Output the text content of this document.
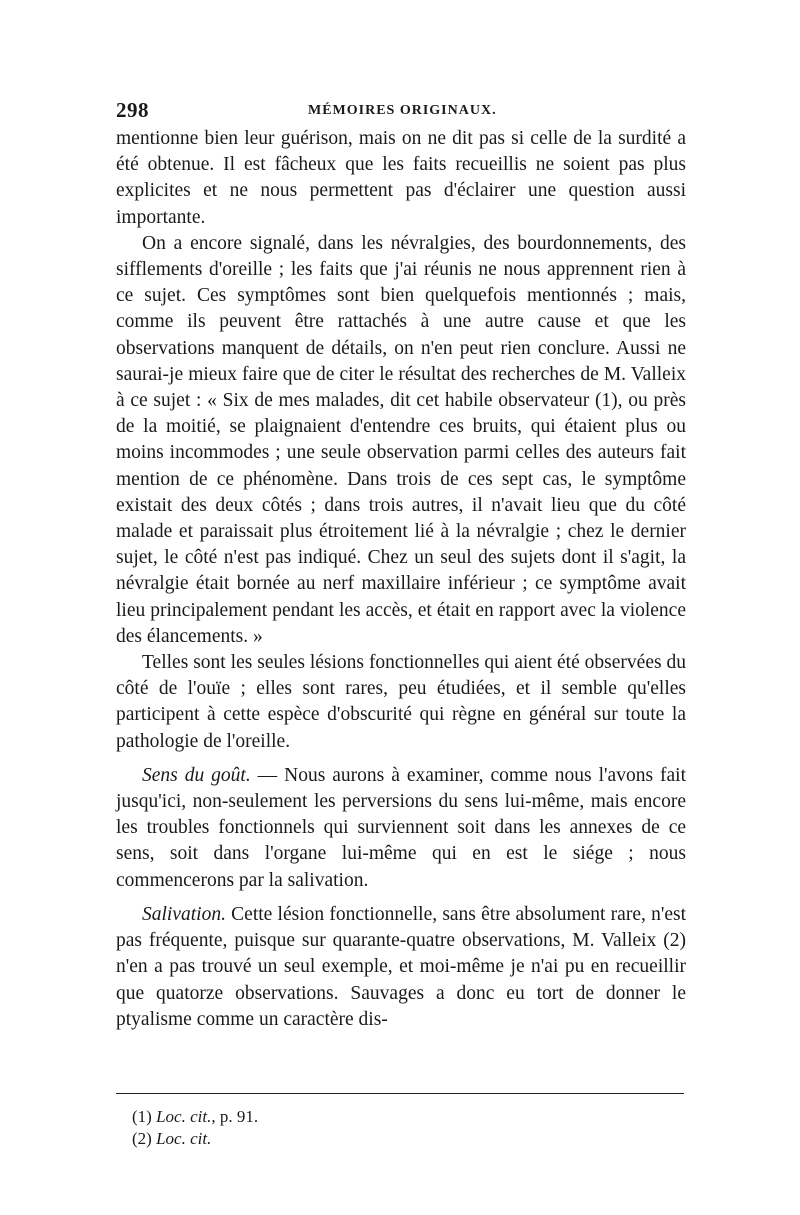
298	MÉMOIRES ORIGINAUX.

mentionne bien leur guérison, mais on ne dit pas si celle de la surdité a été obtenue. Il est fâcheux que les faits recueillis ne soient pas plus explicites et ne nous permettent pas d'éclairer une question aussi importante.

On a encore signalé, dans les névralgies, des bourdonnements, des sifflements d'oreille ; les faits que j'ai réunis ne nous apprennent rien à ce sujet. Ces symptômes sont bien quelquefois mentionnés ; mais, comme ils peuvent être rattachés à une autre cause et que les observations manquent de détails, on n'en peut rien conclure. Aussi ne saurai-je mieux faire que de citer le résultat des recherches de M. Valleix à ce sujet : « Six de mes malades, dit cet habile observateur (1), ou près de la moitié, se plaignaient d'entendre ces bruits, qui étaient plus ou moins incommodes ; une seule observation parmi celles des auteurs fait mention de ce phénomène. Dans trois de ces sept cas, le symptôme existait des deux côtés ; dans trois autres, il n'avait lieu que du côté malade et paraissait plus étroitement lié à la névralgie ; chez le dernier sujet, le côté n'est pas indiqué. Chez un seul des sujets dont il s'agit, la névralgie était bornée au nerf maxillaire inférieur ; ce symptôme avait lieu principalement pendant les accès, et était en rapport avec la violence des élancements. »

Telles sont les seules lésions fonctionnelles qui aient été observées du côté de l'ouïe ; elles sont rares, peu étudiées, et il semble qu'elles participent à cette espèce d'obscurité qui règne en général sur toute la pathologie de l'oreille.

Sens du goût. — Nous aurons à examiner, comme nous l'avons fait jusqu'ici, non-seulement les perversions du sens lui-même, mais encore les troubles fonctionnels qui surviennent soit dans les annexes de ce sens, soit dans l'organe lui-même qui en est le siége ; nous commencerons par la salivation.

Salivation. Cette lésion fonctionnelle, sans être absolument rare, n'est pas fréquente, puisque sur quarante-quatre observations, M. Valleix (2) n'en a pas trouvé un seul exemple, et moi-même je n'ai pu en recueillir que quatorze observations. Sauvages a donc eu tort de donner le ptyalisme comme un caractère dis-

(1) Loc. cit., p. 91.
(2) Loc. cit.
